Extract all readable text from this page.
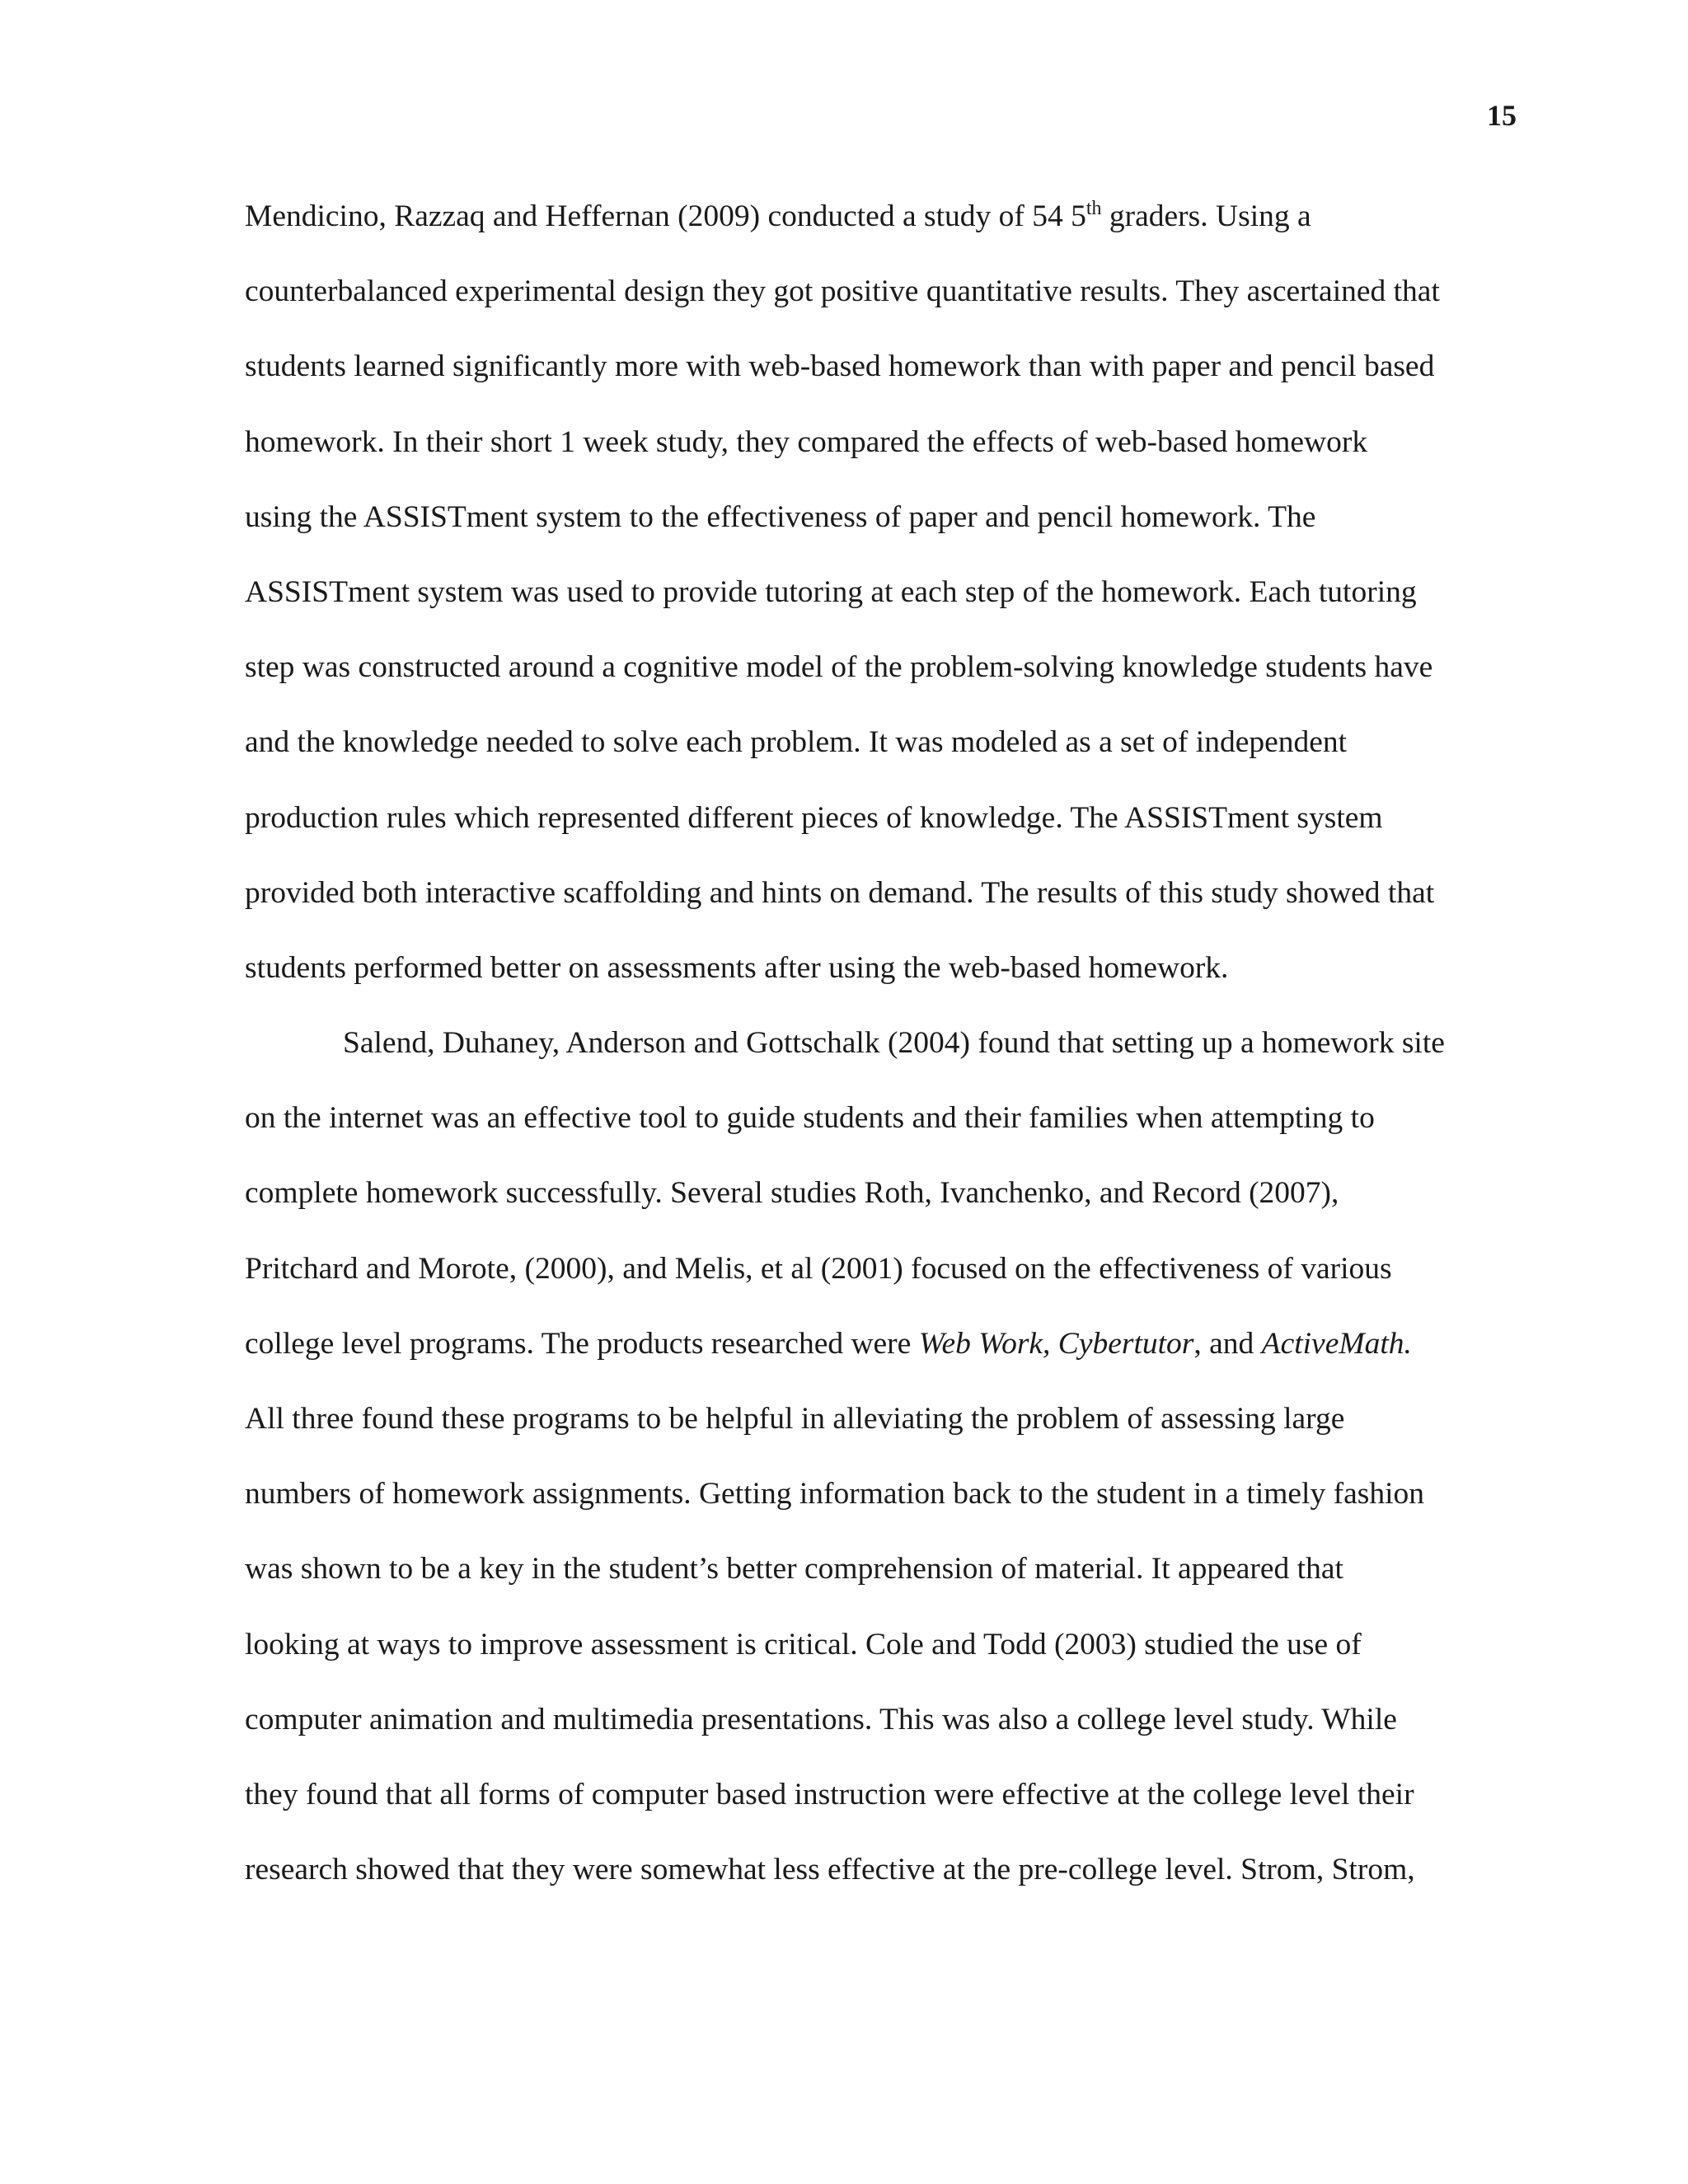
15
Mendicino, Razzaq and Heffernan (2009) conducted a study of 54 5th graders. Using a
counterbalanced experimental design they got positive quantitative results. They ascertained that
students learned significantly more with web-based homework than with paper and pencil based
homework. In their short 1 week study, they compared the effects of web-based homework
using the ASSISTment system to the effectiveness of paper and pencil homework. The
ASSISTment system was used to provide tutoring at each step of the homework. Each tutoring
step was constructed around a cognitive model of the problem-solving knowledge students have
and the knowledge needed to solve each problem. It was modeled as a set of independent
production rules which represented different pieces of knowledge. The ASSISTment system
provided both interactive scaffolding and hints on demand. The results of this study showed that
students performed better on assessments after using the web-based homework.
Salend, Duhaney, Anderson and Gottschalk (2004) found that setting up a homework site
on the internet was an effective tool to guide students and their families when attempting to
complete homework successfully. Several studies Roth, Ivanchenko, and Record (2007),
Pritchard and Morote, (2000), and Melis, et al (2001) focused on the effectiveness of various
college level programs. The products researched were Web Work, Cybertutor, and ActiveMath.
All three found these programs to be helpful in alleviating the problem of assessing large
numbers of homework assignments. Getting information back to the student in a timely fashion
was shown to be a key in the student’s better comprehension of material. It appeared that
looking at ways to improve assessment is critical. Cole and Todd (2003) studied the use of
computer animation and multimedia presentations. This was also a college level study. While
they found that all forms of computer based instruction were effective at the college level their
research showed that they were somewhat less effective at the pre-college level. Strom, Strom,
